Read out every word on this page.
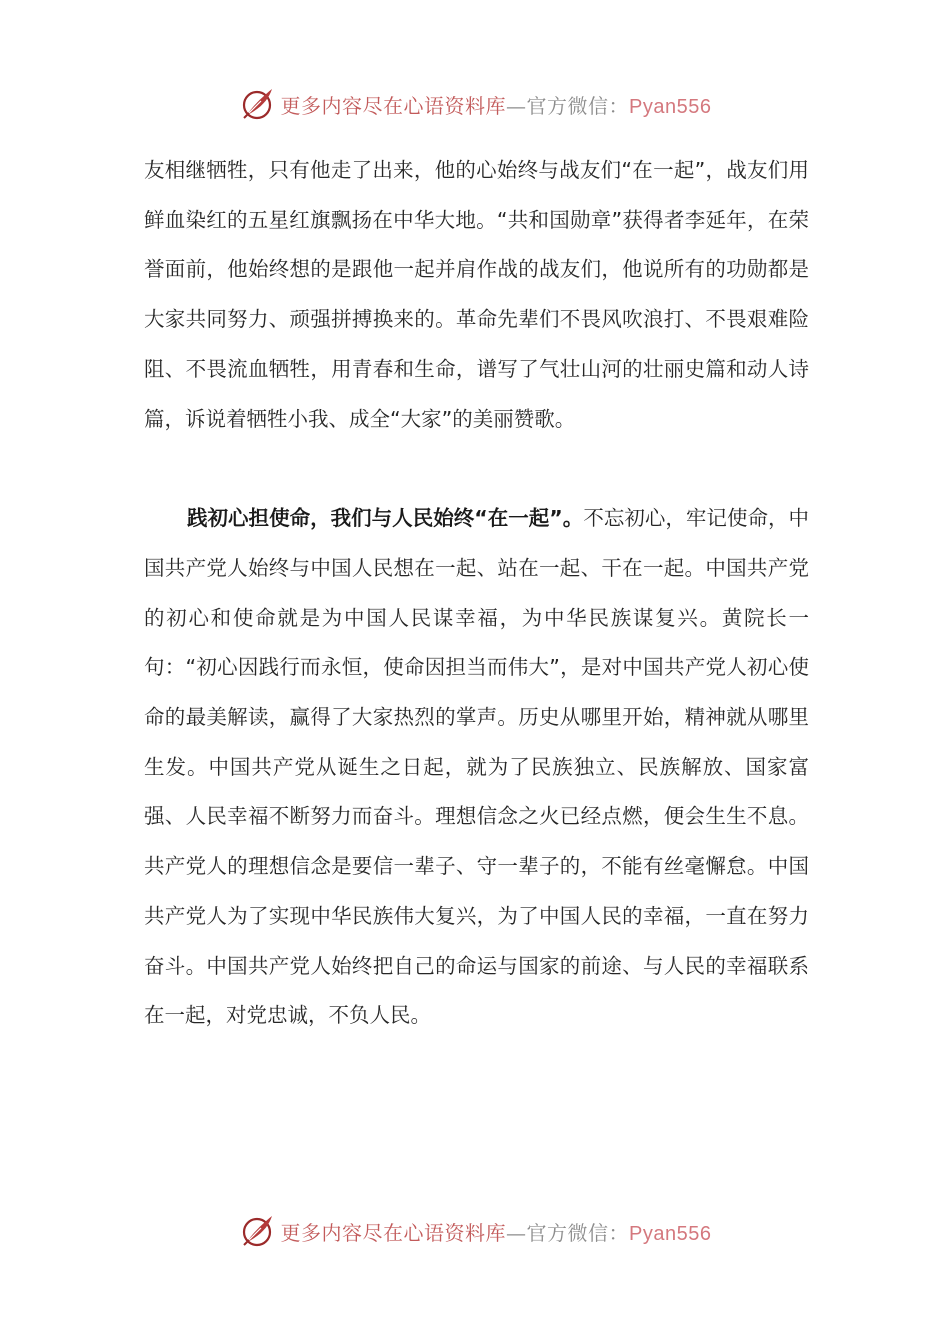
更多内容尽在心语资料库—官方微信：Pyan556

友相继牺牲，只有他走了出来，他的心始终与战友们“在一起”，战友们用鲜血染红的五星红旗飘扬在中华大地。“共和国勋章”获得者李延年，在荣誉面前，他始终想的是跟他一起并肩作战的战友们，他说所有的功勋都是大家共同努力、顽强拼搏换来的。革命先辈们不畏风吹浪打、不畏艰难险阻、不畏流血牺牲，用青春和生命，谱写了气壮山河的壮丽史篇和动人诗篇，诉说着牺牲小我、成全“大家”的美丽赞歌。

践初心担使命，我们与人民始终“在一起”。不忘初心，牢记使命，中国共产党人始终与中国人民想在一起、站在一起、干在一起。中国共产党的初心和使命就是为中国人民谋幸福，为中华民族谋复兴。黄院长一句：“初心因践行而永恒，使命因担当而伟大”，是对中国共产党人初心使命的最美解读，赢得了大家热烈的掌声。历史从哪里开始，精神就从哪里生发。中国共产党从诞生之日起，就为了民族独立、民族解放、国家富强、人民幸福不断努力而奋斗。理想信念之火已经点燃，便会生生不息。共产党人的理想信念是要信一辈子、守一辈子的，不能有丝毫懈怠。中国共产党人为了实现中华民族伟大复兴，为了中国人民的幸福，一直在努力奋斗。中国共产党人始终把自己的命运与国家的前途、与人民的幸福联系在一起，对党忠诚，不负人民。

更多内容尽在心语资料库—官方微信：Pyan556
